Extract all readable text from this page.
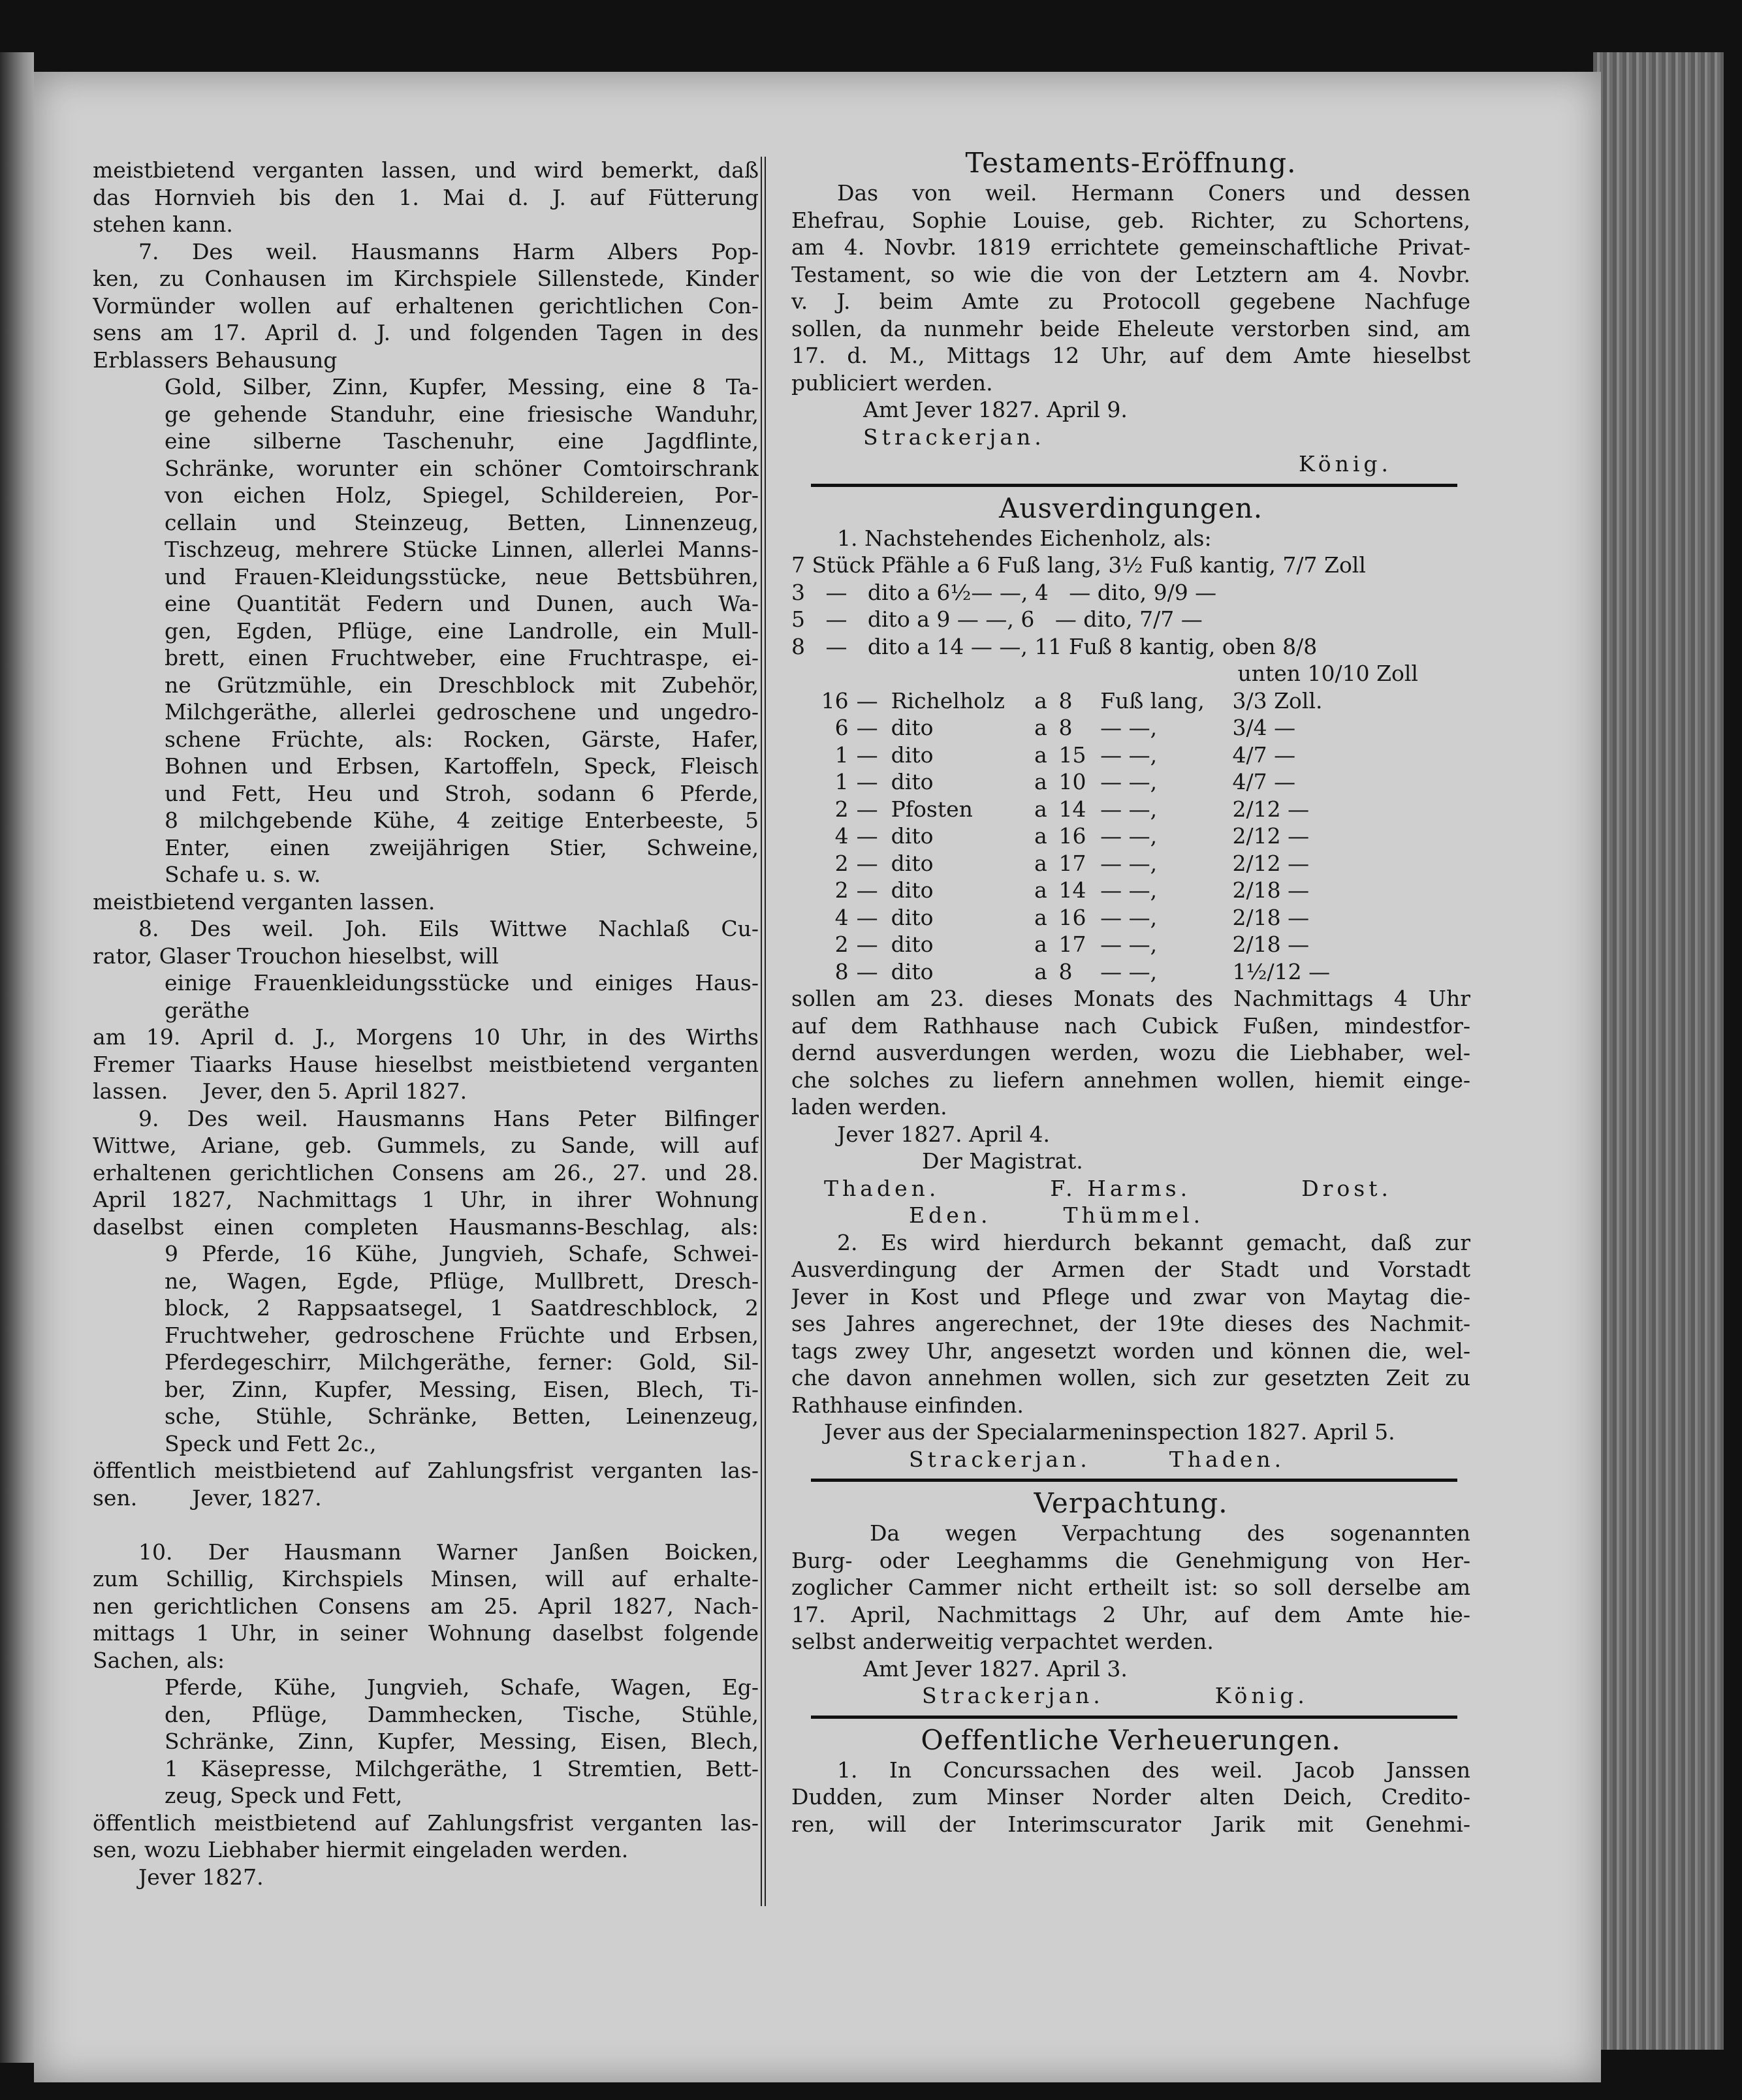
meistbietend verganten lassen, und wird bemerkt, daß
das Hornvieh bis den 1. Mai d. J. auf Fütterung
stehen kann.
7. Des weil. Hausmanns Harm Albers Pop-
ken, zu Conhausen im Kirchspiele Sillenstede, Kinder
Vormünder wollen auf erhaltenen gerichtlichen Con-
sens am 17. April d. J. und folgenden Tagen in des
Erblassers Behausung
Gold, Silber, Zinn, Kupfer, Messing, eine 8 Ta-
ge gehende Standuhr, eine friesische Wanduhr,
eine silberne Taschenuhr, eine Jagdflinte,
Schränke, worunter ein schöner Comtoirschrank
von eichen Holz, Spiegel, Schildereien, Por-
cellain und Steinzeug, Betten, Linnenzeug,
Tischzeug, mehrere Stücke Linnen, allerlei Manns-
und Frauen-Kleidungsstücke, neue Bettsbühren,
eine Quantität Federn und Dunen, auch Wa-
gen, Egden, Pflüge, eine Landrolle, ein Mull-
brett, einen Fruchtweber, eine Fruchtraspe, ei-
ne Grützmühle, ein Dreschblock mit Zubehör,
Milchgeräthe, allerlei gedroschene und ungedro-
schene Früchte, als: Rocken, Gärste, Hafer,
Bohnen und Erbsen, Kartoffeln, Speck, Fleisch
und Fett, Heu und Stroh, sodann 6 Pferde,
8 milchgebende Kühe, 4 zeitige Enterbeeste, 5
Enter, einen zweijährigen Stier, Schweine,
Schafe u. s. w.
meistbietend verganten lassen.
8. Des weil. Joh. Eils Wittwe Nachlaß Cu-
rator, Glaser Trouchon hieselbst, will
einige Frauenkleidungsstücke und einiges Haus-
geräthe
am 19. April d. J., Morgens 10 Uhr, in des Wirths
Fremer Tiaarks Hause hieselbst meistbietend verganten
lassen.     Jever, den 5. April 1827.
9. Des weil. Hausmanns Hans Peter Bilfinger
Wittwe, Ariane, geb. Gummels, zu Sande, will auf
erhaltenen gerichtlichen Consens am 26., 27. und 28.
April 1827, Nachmittags 1 Uhr, in ihrer Wohnung
daselbst einen completen Hausmanns-Beschlag, als:
9 Pferde, 16 Kühe, Jungvieh, Schafe, Schwei-
ne, Wagen, Egde, Pflüge, Mullbrett, Dresch-
block, 2 Rappsaatsegel, 1 Saatdreschblock, 2
Fruchtweher, gedroschene Früchte und Erbsen,
Pferdegeschirr, Milchgeräthe, ferner: Gold, Sil-
ber, Zinn, Kupfer, Messing, Eisen, Blech, Ti-
sche, Stühle, Schränke, Betten, Leinenzeug,
Speck und Fett 2c.,
öffentlich meistbietend auf Zahlungsfrist verganten las-
sen.        Jever, 1827.
10. Der Hausmann Warner Janßen Boicken,
zum Schillig, Kirchspiels Minsen, will auf erhalte-
nen gerichtlichen Consens am 25. April 1827, Nach-
mittags 1 Uhr, in seiner Wohnung daselbst folgende
Sachen, als:
Pferde, Kühe, Jungvieh, Schafe, Wagen, Eg-
den, Pflüge, Dammhecken, Tische, Stühle,
Schränke, Zinn, Kupfer, Messing, Eisen, Blech,
1 Käsepresse, Milchgeräthe, 1 Stremtien, Bett-
zeug, Speck und Fett,
öffentlich meistbietend auf Zahlungsfrist verganten las-
sen, wozu Liebhaber hiermit eingeladen werden.
Jever 1827.
Testaments-Eröffnung.
Das von weil. Hermann Coners und dessen
Ehefrau, Sophie Louise, geb. Richter, zu Schortens,
am 4. Novbr. 1819 errichtete gemeinschaftliche Privat-
Testament, so wie die von der Letztern am 4. Novbr.
v. J. beim Amte zu Protocoll gegebene Nachfuge
sollen, da nunmehr beide Eheleute verstorben sind, am
17. d. M., Mittags 12 Uhr, auf dem Amte hieselbst
publiciert werden.
Amt Jever 1827. April 9.
Strackerjan.
König.
Ausverdingungen.
1. Nachstehendes Eichenholz, als:
7 Stück Pfähle a 6 Fuß lang, 3½ Fuß kantig, 7/7 Zoll
3   —   dito a 6½— —, 4   — dito, 9/9 —
5   —   dito a 9 — —, 6   — dito, 7/7 —
8   —   dito a 14 — —, 11 Fuß 8 kantig, oben 8/8
unten 10/10 Zoll
16	—	Richelholz	a	8	Fuß lang,	3/3 Zoll.
6	—	dito	a	8	— —,	3/4 —
1	—	dito	a	15	— —,	4/7 —
1	—	dito	a	10	— —,	4/7 —
2	—	Pfosten	a	14	— —,	2/12 —
4	—	dito	a	16	— —,	2/12 —
2	—	dito	a	17	— —,	2/12 —
2	—	dito	a	14	— —,	2/18 —
4	—	dito	a	16	— —,	2/18 —
2	—	dito	a	17	— —,	2/18 —
8	—	dito	a	8	— —,	1½/12 —
sollen am 23. dieses Monats des Nachmittags 4 Uhr
auf dem Rathhause nach Cubick Fußen, mindestfor-
dernd ausverdungen werden, wozu die Liebhaber, wel-
che solches zu liefern annehmen wollen, hiemit einge-
laden werden.
Jever 1827. April 4.
Der Magistrat.
Thaden.	F. Harms.	Drost.
Eden.	Thümmel.
2. Es wird hierdurch bekannt gemacht, daß zur
Ausverdingung der Armen der Stadt und Vorstadt
Jever in Kost und Pflege und zwar von Maytag die-
ses Jahres angerechnet, der 19te dieses des Nachmit-
tags zwey Uhr, angesetzt worden und können die, wel-
che davon annehmen wollen, sich zur gesetzten Zeit zu
Rathhause einfinden.
Jever aus der Specialarmeninspection 1827. April 5.
Strackerjan.	Thaden.
Verpachtung.
Da wegen Verpachtung des sogenannten
Burg- oder Leeghamms die Genehmigung von Her-
zoglicher Cammer nicht ertheilt ist: so soll derselbe am
17. April, Nachmittags 2 Uhr, auf dem Amte hie-
selbst anderweitig verpachtet werden.
Amt Jever 1827. April 3.
Strackerjan.	König.
Oeffentliche Verheuerungen.
1. In Concurssachen des weil. Jacob Janssen
Dudden, zum Minser Norder alten Deich, Credito-
ren, will der Interimscurator Jarik mit Genehmi-
